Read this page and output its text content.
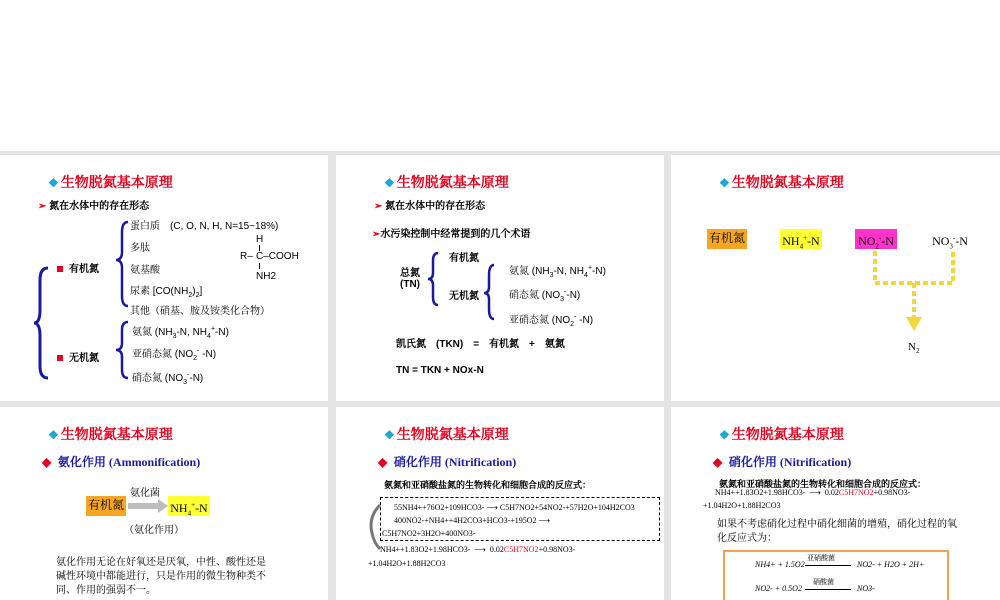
❖ 生物脱氮基本原理
➢ 氮在水体中的存在形态
有机氮
无机氮
蛋白质　(C, O, N, H, N=15~18%)
多肽
氨基酸
尿素 $[CO(NH_2)_2]$
其他（硝基、胺及铵类化合物）
H
R– C–COOH
NH2
氨氮 ($NH_3-N$, $NH_4^+-N$)
亚硝态氮 ($NO_2^-$ -N)
硝态氮 $(NO_3^--N)$
❖ 生物脱氮基本原理
➢ 氮在水体中的存在形态
➢水污染控制中经常提到的几个术语
总氮
(TN)
有机氮
无机氮
氨氮 ($NH_3-N$, $NH_4^+-N$)
硝态氮 $(NO_3^--N)$
亚硝态氮 ($NO_2^-$ -N)
凯氏氮　(TKN)　=　有机氮　+　氨氮
TN = TKN + NOx-N
❖ 生物脱氮基本原理
有机氮	$NH_4^+-N$	$NO_2^--N$	$NO_3^--N$
$N_2$
❖ 生物脱氮基本原理
◆ 氨化作用 (Ammonification)
有机氮
氨化菌
$NH_4^+-N$
（氨化作用）
氨化作用无论在好氧还是厌氧，中性、酸性还是
碱性环境中都能进行，只是作用的微生物种类不
同、作用的强弱不一。
❖ 生物脱氮基本原理
◆ 硝化作用 (Nitrification)
氨氮和亚硝酸盐氮的生物转化和细胞合成的反应式：
55NH4++76O2+109HCO3- ⟶ C5H7NO2+54NO2-+57H2O+104H2CO3
400NO2-+NH4++4H2CO3+HCO3-+195O2 ⟶
C5H7NO2+3H2O+400NO3-
NH4++1.83O2+1.98HCO3-  ⟶  0.02C5H7NO2+0.98NO3-
+1.04H2O+1.88H2CO3
❖ 生物脱氮基本原理
◆ 硝化作用 (Nitrification)
氨氮和亚硝酸盐氮的生物转化和细胞合成的反应式：
NH4++1.83O2+1.98HCO3-  ⟶  0.02C5H7NO2+0.98NO3-
+1.04H2O+1.88H2CO3
如果不考虑硝化过程中硝化细菌的增殖，硝化过程的氧
化反应式为：
NH4+ + 1.5O2
亚硝酸菌
NO2- + H2O + 2H+
NO2- + 0.5O2
硝酸菌
NO3-
